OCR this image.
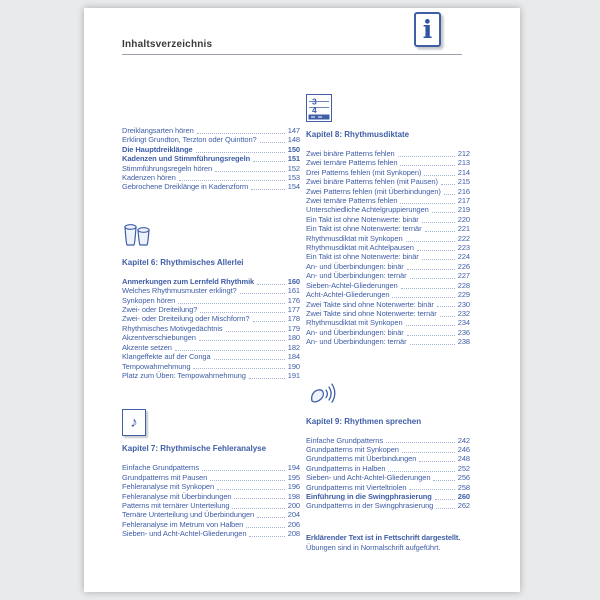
Inhaltsverzeichnis
i
Dreiklangsarten hören	147
Erklingt Grundton, Terzton oder Quintton?	148
Die Hauptdreiklänge	150
Kadenzen und Stimmführungsregeln	151
Stimmführungsregeln hören	152
Kadenzen hören	153
Gebrochene Dreiklänge in Kadenzform	154
Kapitel 6: Rhythmisches Allerlei
Anmerkungen zum Lernfeld Rhythmik	160
Welches Rhythmusmuster erklingt?	161
Synkopen hören	176
Zwei- oder Dreiteilung?	177
Zwei- oder Dreiteilung oder Mischform?	178
Rhythmisches Motivgedächtnis	179
Akzentverschiebungen	180
Akzente setzen	182
Klangeffekte auf der Conga	184
Tempowahrnehmung	190
Platz zum Üben: Tempowahrnehmung	191
♪
Kapitel 7: Rhythmische Fehleranalyse
Einfache Grundpatterns	194
Grundpatterns mit Pausen	195
Fehleranalyse mit Synkopen	196
Fehleranalyse mit Überbindungen	198
Patterns mit ternärer Unterteilung	200
Ternäre Unterteilung und Überbindungen	204
Fehleranalyse im Metrum von Halben	206
Sieben- und Acht-Achtel-Gliederungen	208
3
4
Kapitel 8: Rhythmusdiktate
Zwei binäre Patterns fehlen	212
Zwei ternäre Patterns fehlen	213
Drei Patterns fehlen (mit Synkopen)	214
Zwei binäre Patterns fehlen (mit Pausen)	215
Zwei Patterns fehlen (mit Überbindungen) 216
Zwei ternäre Patterns fehlen	217
Unterschiedliche Achtelgruppierungen	219
Ein Takt ist ohne Notenwerte: binär	220
Ein Takt ist ohne Notenwerte: ternär	221
Rhythmusdiktat mit Synkopen	222
Rhythmusdiktat mit Achtelpausen	223
Ein Takt ist ohne Notenwerte: binär	224
An- und Überbindungen: binär	226
An- und Überbindungen: ternär	227
Sieben-Achtel-Gliederungen	228
Acht-Achtel-Gliederungen	229
Zwei Takte sind ohne Notenwerte: binär	230
Zwei Takte sind ohne Notenwerte: ternär	232
Rhythmusdiktat mit Synkopen	234
An- und Überbindungen: binär	236
An- und Überbindungen: ternär	238
Kapitel 9: Rhythmen sprechen
Einfache Grundpatterns	242
Grundpatterns mit Synkopen	246
Grundpatterns mit Überbindungen	248
Grundpatterns in Halben	252
Sieben- und Acht-Achtel-Gliederungen	256
Grundpatterns mit Vierteltriolen	258
Einführung in die Swingphrasierung	260
Grundpatterns in der Swingphrasierung	262
Erklärender Text ist in Fettschrift dargestellt.
Übungen sind in Normalschrift aufgeführt.
